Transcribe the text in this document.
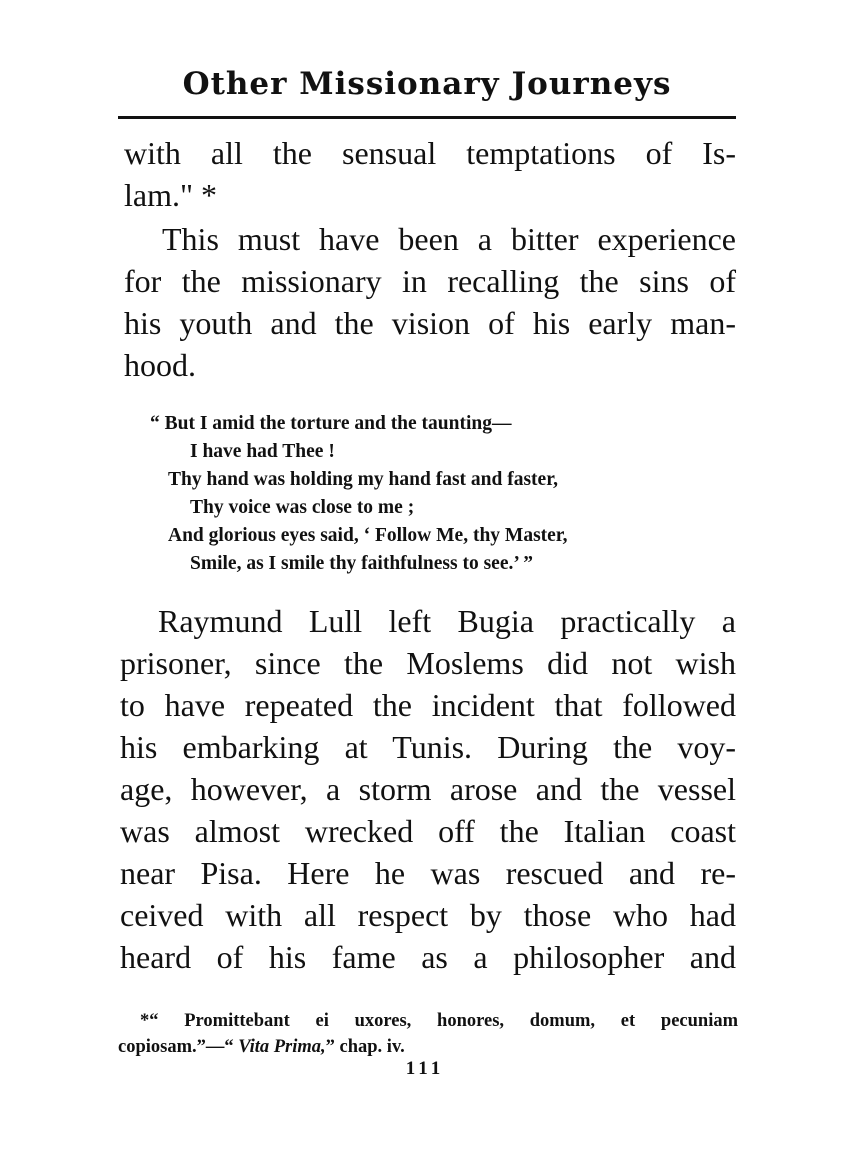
Other Missionary Journeys
with all the sensual temptations of Is-
lam." *
This must have been a bitter experience
for the missionary in recalling the sins of
his youth and the vision of his early man-
hood.
“ But I amid the torture and the taunting—
I have had Thee !
Thy hand was holding my hand fast and faster,
Thy voice was close to me ;
And glorious eyes said, ‘ Follow Me, thy Master,
Smile, as I smile thy faithfulness to see.’ ”
Raymund Lull left Bugia practically a
prisoner, since the Moslems did not wish
to have repeated the incident that followed
his embarking at Tunis. During the voy-
age, however, a storm arose and the vessel
was almost wrecked off the Italian coast
near Pisa. Here he was rescued and re-
ceived with all respect by those who had
heard of his fame as a philosopher and
*“ Promittebant ei uxores, honores, domum, et pecuniam
copiosam.”—“ Vita Prima,” chap. iv.
111
